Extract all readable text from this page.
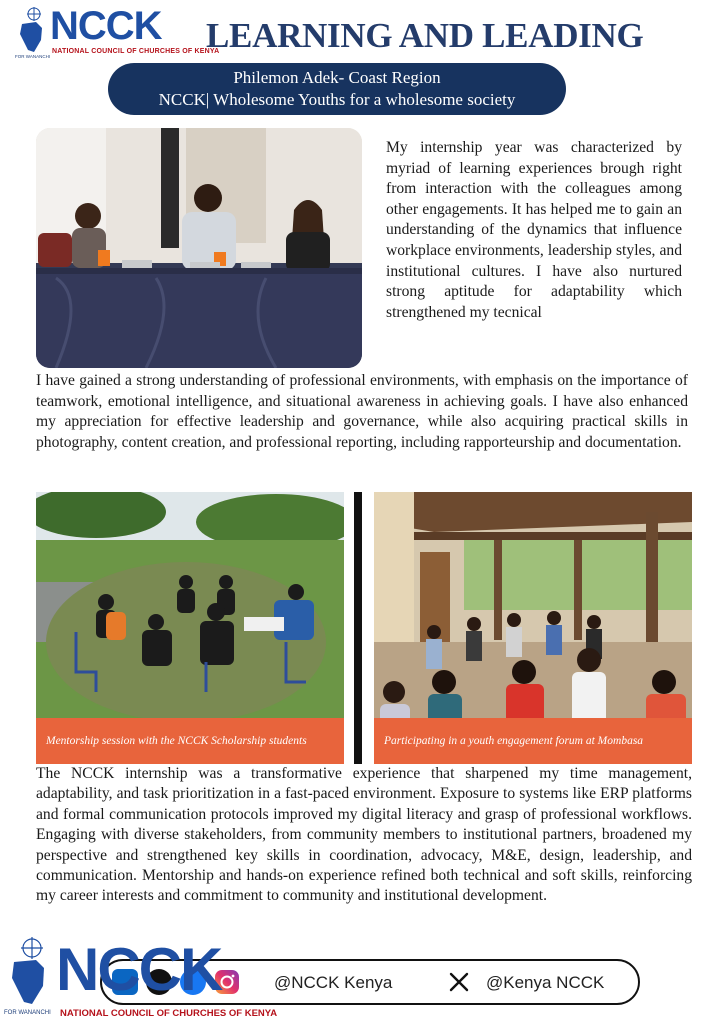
NCCK
NATIONAL COUNCIL OF CHURCHES OF KENYA
FOR WANANCHI
LEARNING AND LEADING
Philemon Adek- Coast Region
NCCK| Wholesome Youths for a wholesome society

My internship year was characterized by myriad of learning experiences brough right from interaction with the colleagues among other engagements. It has helped me to gain an understanding of the dynamics that influence workplace environments, leadership styles, and institutional cultures. I have also nurtured strong aptitude for adaptability which strengthened my tecnical

I have gained a strong understanding of professional environments, with emphasis on the importance of teamwork, emotional intelligence, and situational awareness in achieving goals. I have also enhanced my appreciation for effective leadership and governance, while also acquiring practical skills in photography, content creation, and professional reporting, including rapporteurship and documentation.

Mentorship session with the NCCK Scholarship students	Participating in a youth engagement forum at Mombasa

The NCCK internship was a transformative experience that sharpened my time management, adaptability, and task prioritization in a fast-paced environment. Exposure to systems like ERP platforms and formal communication protocols improved my digital literacy and grasp of professional workflows. Engaging with diverse stakeholders, from community members to institutional partners, broadened my perspective and strengthened key skills in coordination, advocacy, M&E, design, leadership, and communication. Mentorship and hands-on experience refined both technical and soft skills, reinforcing my career interests and commitment to community and institutional development.

@NCCK Kenya	@Kenya NCCK
NCCK
NATIONAL COUNCIL OF CHURCHES OF KENYA
FOR WANANCHI
